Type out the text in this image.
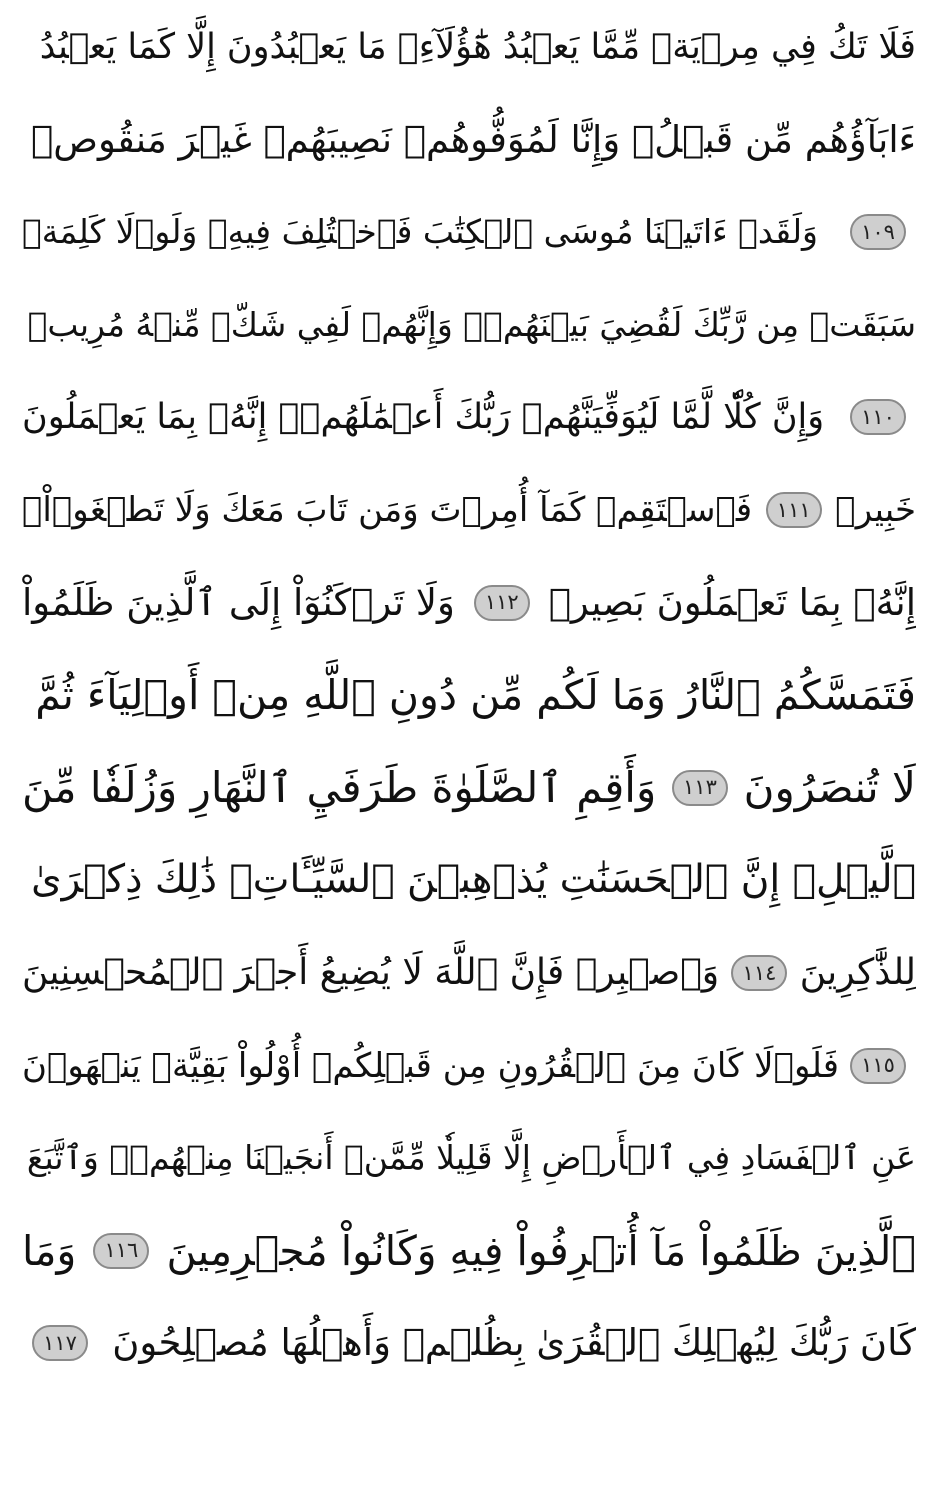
فَلَا تَكُ فِي مِرۡيَةٖ مِّمَّا يَعۡبُدُ هَٰٓؤُلَآءِۚ مَا يَعۡبُدُونَ إِلَّا كَمَا يَعۡبُدُ
ءَابَآؤُهُم مِّن قَبۡلُۚ وَإِنَّا لَمُوَفُّوهُمۡ نَصِيبَهُمۡ غَيۡرَ مَنقُوصٖ
١٠٩
وَلَقَدۡ ءَاتَيۡنَا مُوسَى ٱلۡكِتَٰبَ فَٱخۡتُلِفَ فِيهِۚ وَلَوۡلَا كَلِمَةٞ
سَبَقَتۡ مِن رَّبِّكَ لَقُضِيَ بَيۡنَهُمۡۚ وَإِنَّهُمۡ لَفِي شَكّٖ مِّنۡهُ مُرِيبٖ
١١٠
وَإِنَّ كُلّٗا لَّمَّا لَيُوَفِّيَنَّهُمۡ رَبُّكَ أَعۡمَٰلَهُمۡۚ إِنَّهُۥ بِمَا يَعۡمَلُونَ
خَبِيرٞ
١١١
فَٱسۡتَقِمۡ كَمَآ أُمِرۡتَ وَمَن تَابَ مَعَكَ وَلَا تَطۡغَوۡاْۚ
إِنَّهُۥ بِمَا تَعۡمَلُونَ بَصِيرٞ
١١٢
وَلَا تَرۡكَنُوٓاْ إِلَى ٱلَّذِينَ ظَلَمُواْ
فَتَمَسَّكُمُ ٱلنَّارُ وَمَا لَكُم مِّن دُونِ ٱللَّهِ مِنۡ أَوۡلِيَآءَ ثُمَّ
لَا تُنصَرُونَ
١١٣
وَأَقِمِ ٱلصَّلَوٰةَ طَرَفَيِ ٱلنَّهَارِ وَزُلَفٗا مِّنَ
ٱلَّيۡلِۚ إِنَّ ٱلۡحَسَنَٰتِ يُذۡهِبۡنَ ٱلسَّيِّـَٔاتِۚ ذَٰلِكَ ذِكۡرَىٰ
لِلذَّٰكِرِينَ
١١٤
وَٱصۡبِرۡ فَإِنَّ ٱللَّهَ لَا يُضِيعُ أَجۡرَ ٱلۡمُحۡسِنِينَ
١١٥
فَلَوۡلَا كَانَ مِنَ ٱلۡقُرُونِ مِن قَبۡلِكُمۡ أُوْلُواْ بَقِيَّةٖ يَنۡهَوۡنَ
عَنِ ٱلۡفَسَادِ فِي ٱلۡأَرۡضِ إِلَّا قَلِيلٗا مِّمَّنۡ أَنجَيۡنَا مِنۡهُمۡۗ وَٱتَّبَعَ
ٱلَّذِينَ ظَلَمُواْ مَآ أُتۡرِفُواْ فِيهِ وَكَانُواْ مُجۡرِمِينَ
١١٦
وَمَا
كَانَ رَبُّكَ لِيُهۡلِكَ ٱلۡقُرَىٰ بِظُلۡمٖ وَأَهۡلُهَا مُصۡلِحُونَ
١١٧
